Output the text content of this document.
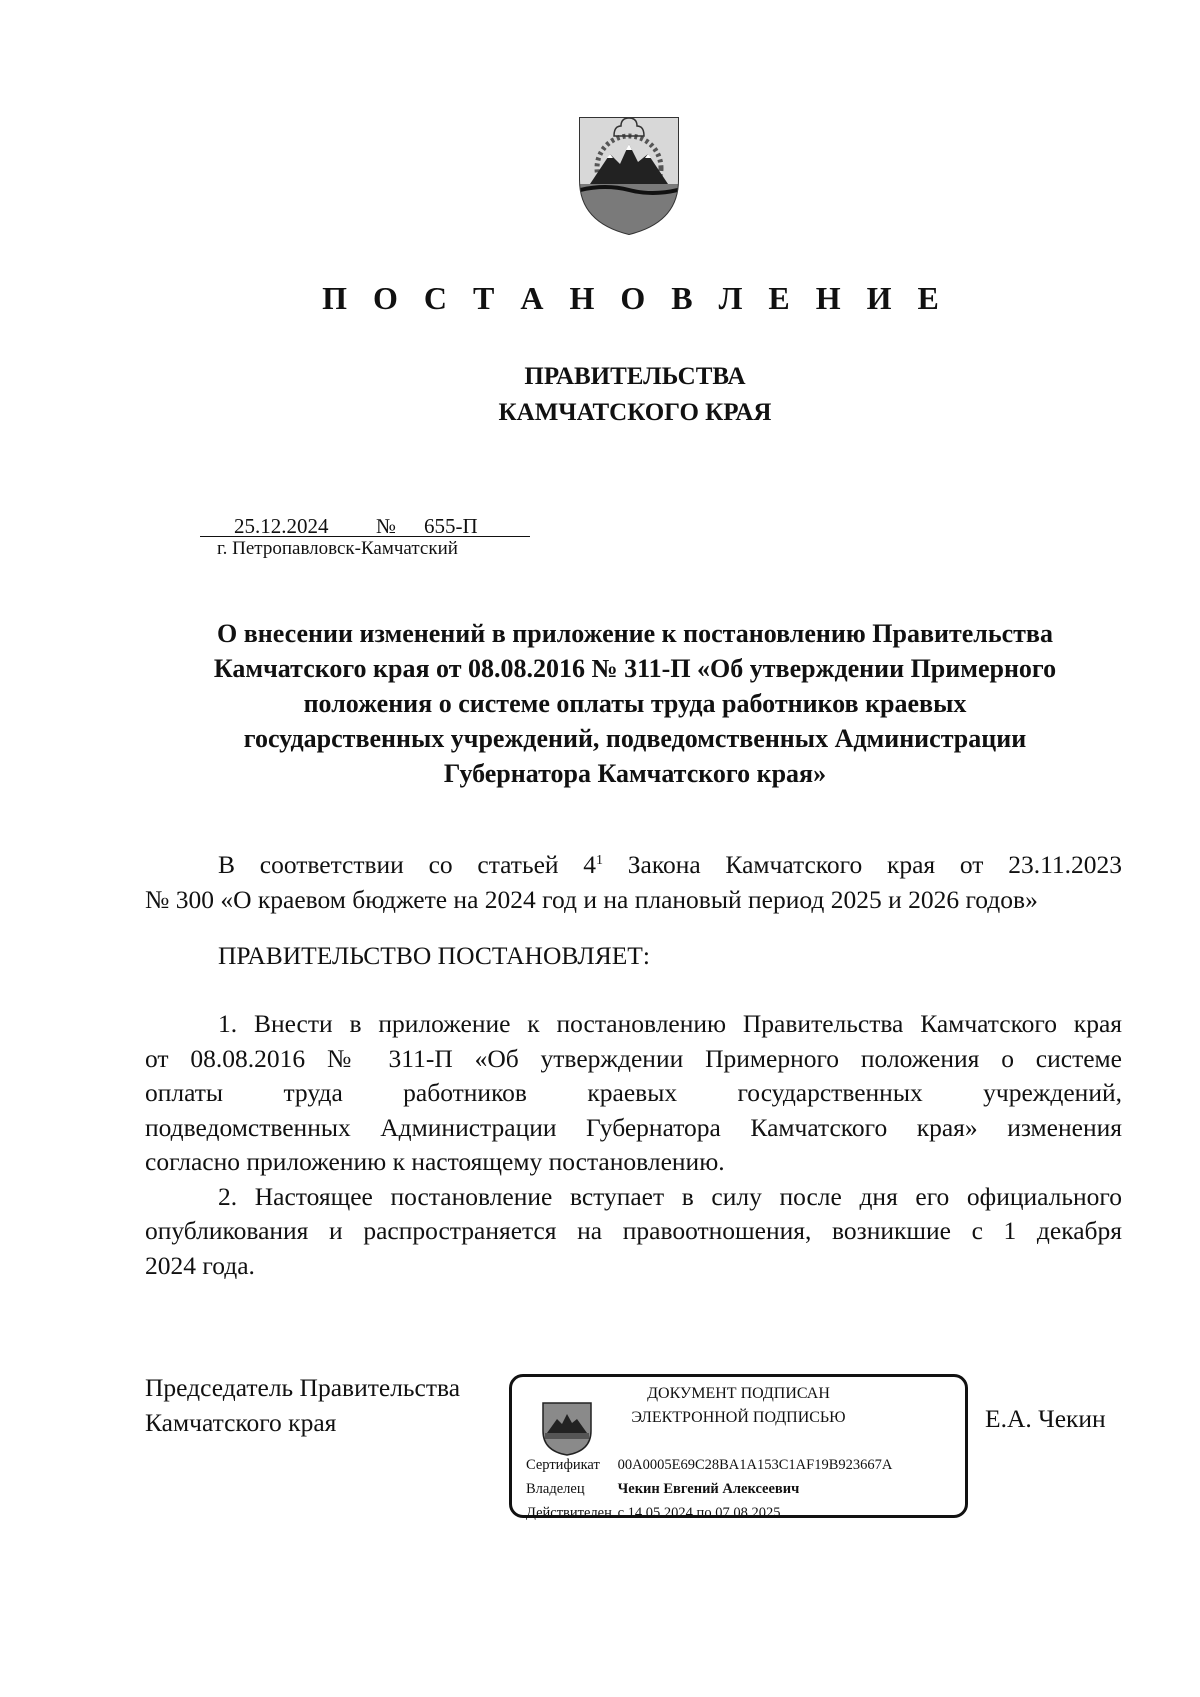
П О С Т А Н О В Л Е Н И Е
ПРАВИТЕЛЬСТВА
КАМЧАТСКОГО КРАЯ
25.12.2024 № 655-П
г. Петропавловск-Камчатский
О внесении изменений в приложение к постановлению Правительства
Камчатского края от 08.08.2016 № 311-П «Об утверждении Примерного
положения о системе оплаты труда работников краевых
государственных учреждений, подведомственных Администрации
Губернатора Камчатского края»
В соответствии со статьей $4^1$ Закона Камчатского края от 23.11.2023
№ 300 «О краевом бюджете на 2024 год и на плановый период 2025 и 2026 годов»
ПРАВИТЕЛЬСТВО ПОСТАНОВЛЯЕТ:
1. Внести в приложение к постановлению Правительства Камчатского края
от 08.08.2016 № 311-П «Об утверждении Примерного положения о системе
оплаты труда работников краевых государственных учреждений,
подведомственных Администрации Губернатора Камчатского края» изменения
согласно приложению к настоящему постановлению.
2. Настоящее постановление вступает в силу после дня его официального
опубликования и распространяется на правоотношения, возникшие с 1 декабря
2024 года.
Председатель Правительства
Камчатского края
ДОКУМЕНТ ПОДПИСАН
ЭЛЕКТРОННОЙ ПОДПИСЬЮ
Сертификат 00A0005E69C28BA1A153C1AF19B923667A
Владелец Чекин Евгений Алексеевич
Действителен с 14.05.2024 по 07.08.2025
Е.А. Чекин
